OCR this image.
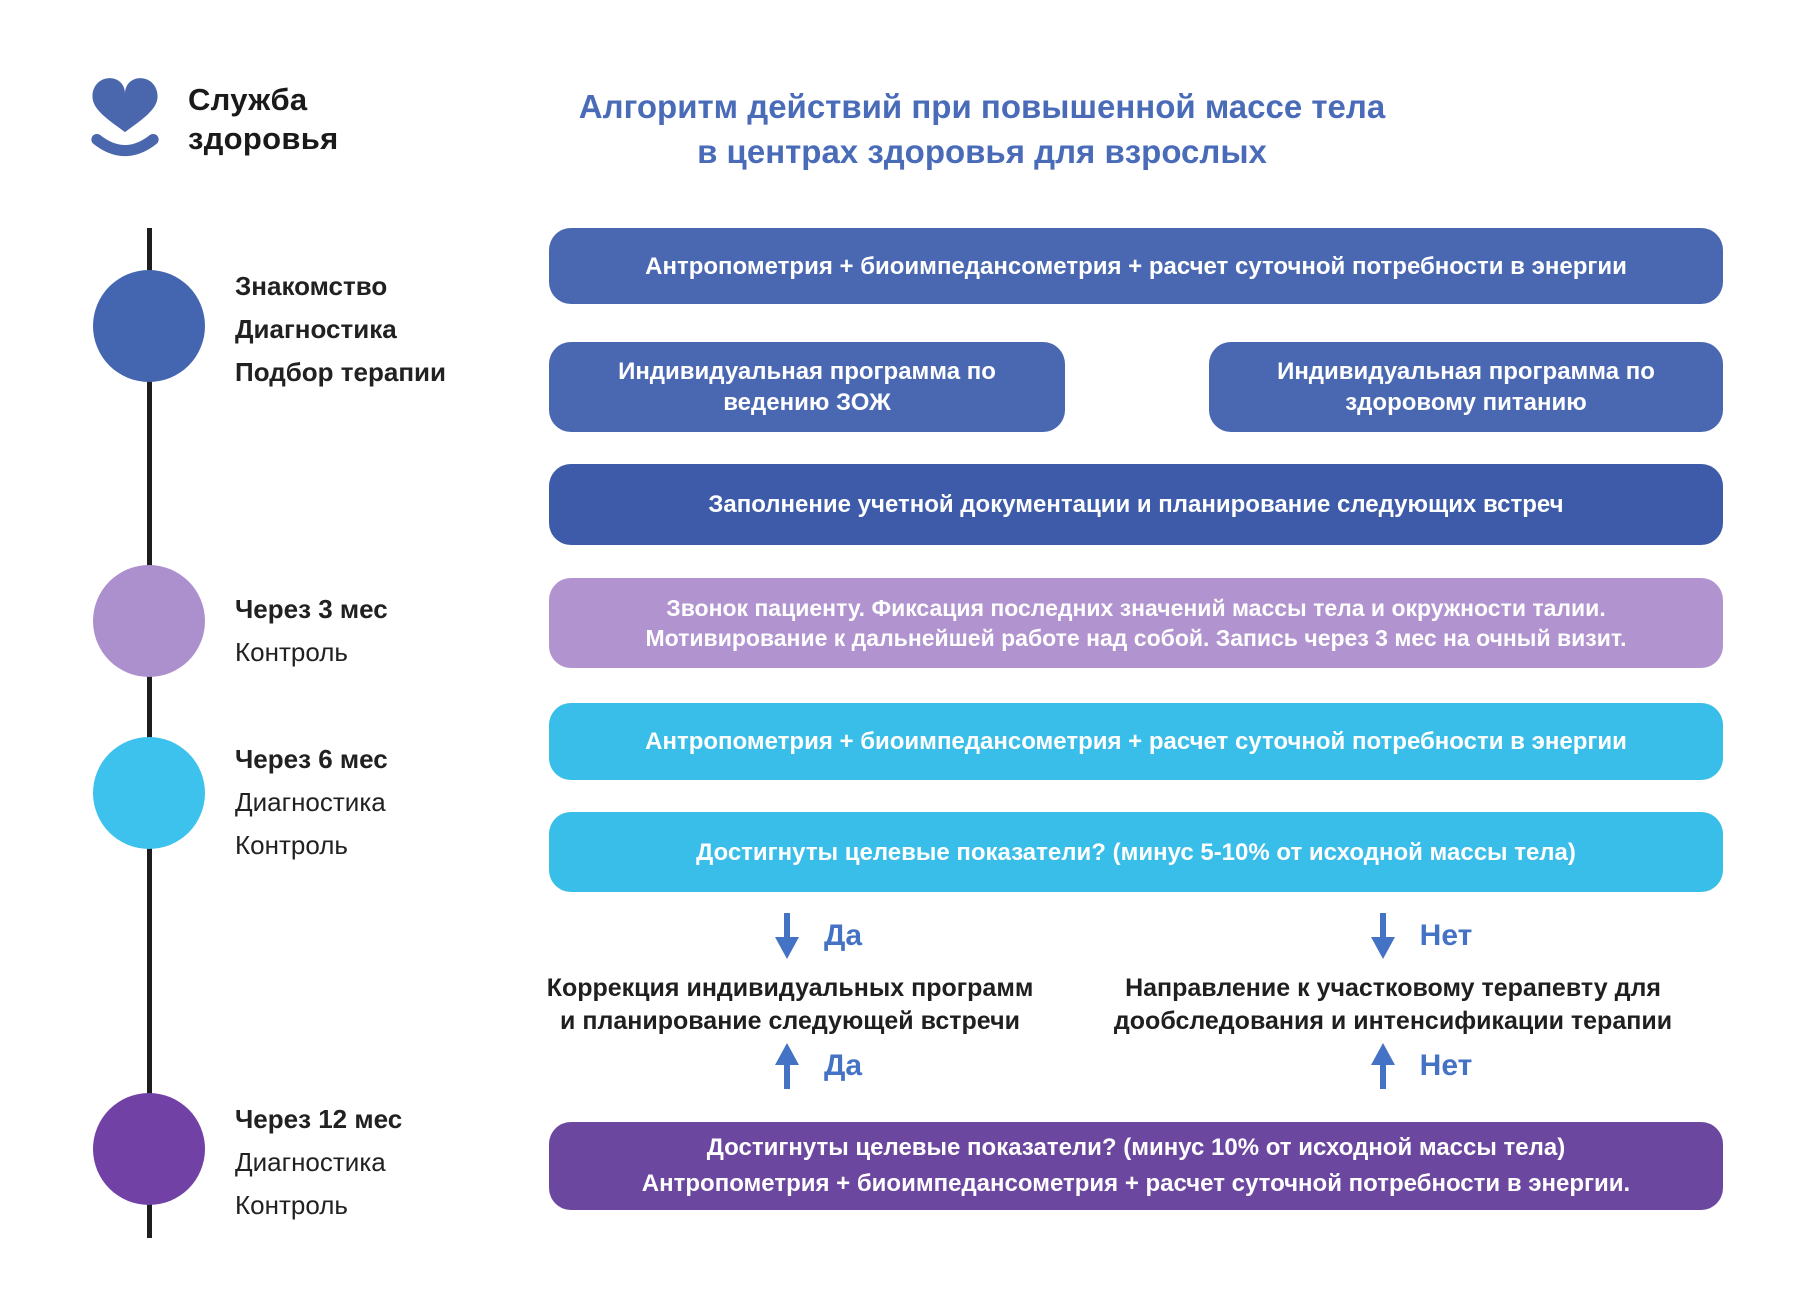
Служба
здоровья
Алгоритм действий при повышенной массе тела
в центрах здоровья для взрослых
Знакомство
Диагностика
Подбор терапии
Через 3 мес
Контроль
Через 6 мес
Диагностика
Контроль
Через 12 мес
Диагностика
Контроль
Антропометрия + биоимпедансометрия + расчет суточной потребности в энергии
Индивидуальная программа по
ведению ЗОЖ
Индивидуальная программа по
здоровому питанию
Заполнение учетной документации и планирование следующих встреч
Звонок пациенту. Фиксация последних значений массы тела и окружности талии.
Мотивирование к дальнейшей работе над собой. Запись через 3 мес на очный визит.
Антропометрия + биоимпедансометрия + расчет суточной потребности в энергии
Достигнуты целевые показатели? (минус 5-10% от исходной массы тела)
Да	Нет
Коррекция индивидуальных программ
и планирование следующей встречи
Направление к участковому терапевту для
дообследования и интенсификации терапии
Да	Нет
Достигнуты целевые показатели? (минус 10% от исходной массы тела)
Антропометрия + биоимпедансометрия + расчет суточной потребности в энергии.
